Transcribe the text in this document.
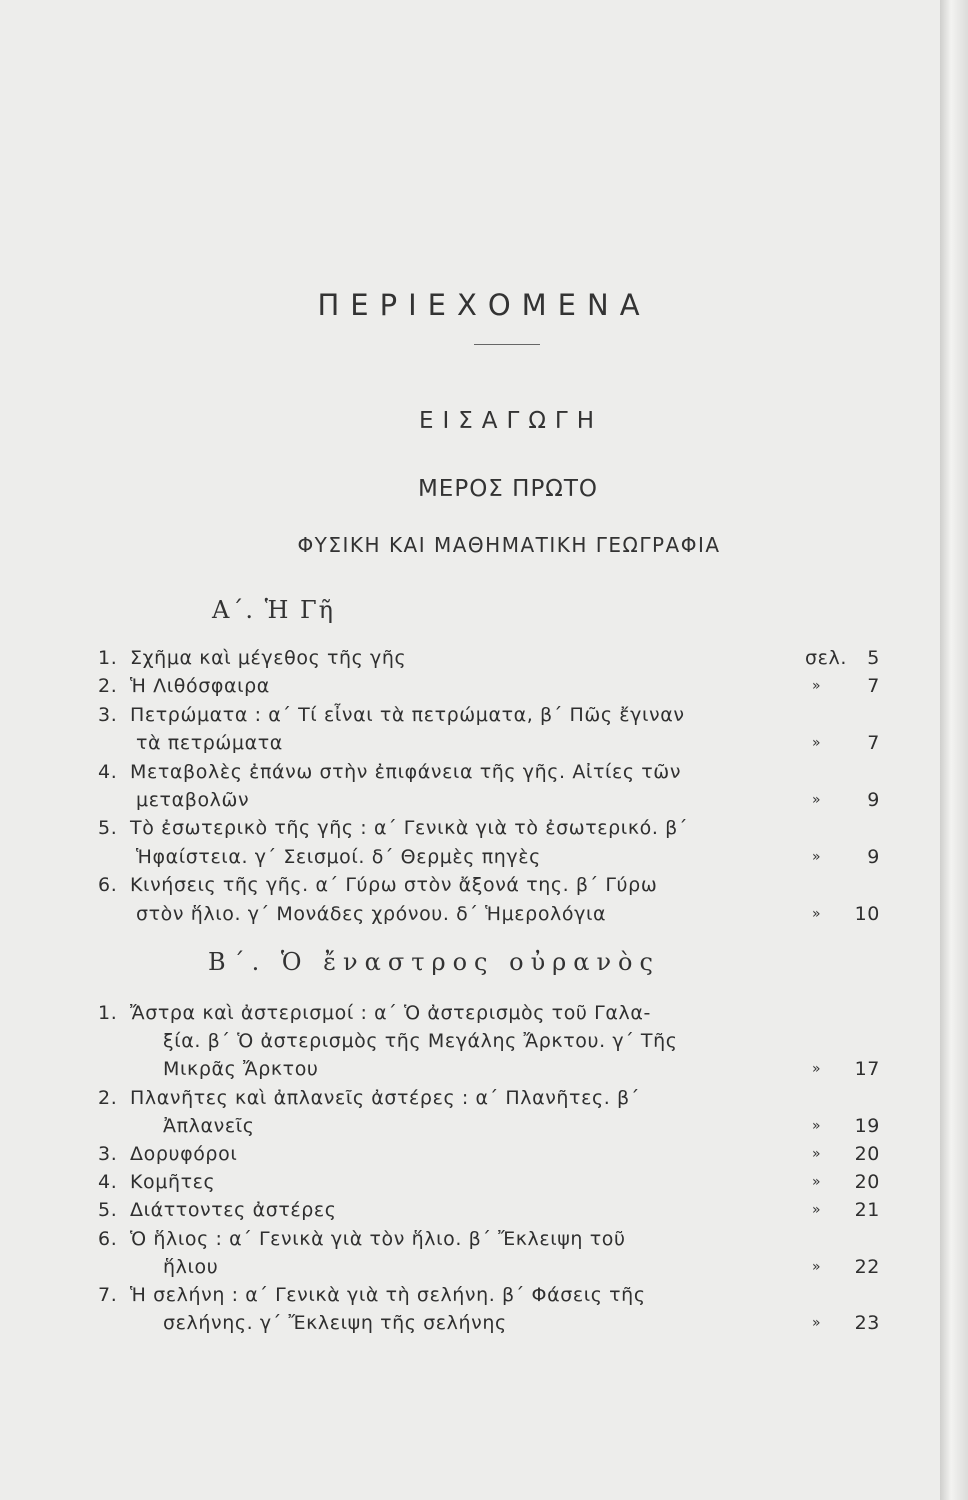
ΠΕΡΙΕΧΟΜΕΝΑ
ΕΙΣΑΓΩΓΗ
ΜΕΡΟΣ ΠΡΩΤΟ
ΦΥΣΙΚΗ ΚΑΙ ΜΑΘΗΜΑΤΙΚΗ ΓΕΩΓΡΑΦΙΑ
Α΄. Ἡ Γῆ
Β΄. Ὁ ἔναστρος οὐρανὸς
1. Σχῆμα καὶ μέγεθος τῆς γῆς	σελ.	5
2. Ἡ Λιθόσφαιρα	»	7
3. Πετρώματα : α΄ Τί εἶναι τὰ πετρώματα, β΄ Πῶς ἔγιναν
τὰ πετρώματα	»	7
4. Μεταβολὲς ἐπάνω στὴν ἐπιφάνεια τῆς γῆς. Αἰτίες τῶν
μεταβολῶν	»	9
5. Τὸ ἐσωτερικὸ τῆς γῆς : α΄ Γενικὰ γιὰ τὸ ἐσωτερικό. β΄
Ἡφαίστεια. γ΄ Σεισμοί. δ΄ Θερμὲς πηγὲς	»	9
6. Κινήσεις τῆς γῆς. α΄ Γύρω στὸν ἄξονά της. β΄ Γύρω
στὸν ἥλιο. γ΄ Μονάδες χρόνου. δ΄ Ἡμερολόγια	»	10
1. Ἄστρα καὶ ἀστερισμοί : α΄ Ὁ ἀστερισμὸς τοῦ Γαλα-
ξία. β΄ Ὁ ἀστερισμὸς τῆς Μεγάλης Ἄρκτου. γ΄ Τῆς
Μικρᾶς Ἄρκτου	»	17
2. Πλανῆτες καὶ ἀπλανεῖς ἀστέρες : α΄ Πλανῆτες. β΄
Ἀπλανεῖς	»	19
3. Δορυφόροι	»	20
4. Κομῆτες	»	20
5. Διάττοντες ἀστέρες	»	21
6. Ὁ ἥλιος : α΄ Γενικὰ γιὰ τὸν ἥλιο. β΄ Ἔκλειψη τοῦ
ἥλιου	»	22
7. Ἡ σελήνη : α΄ Γενικὰ γιὰ τὴ σελήνη. β΄ Φάσεις τῆς
σελήνης. γ΄ Ἔκλειψη τῆς σελήνης	»	23
